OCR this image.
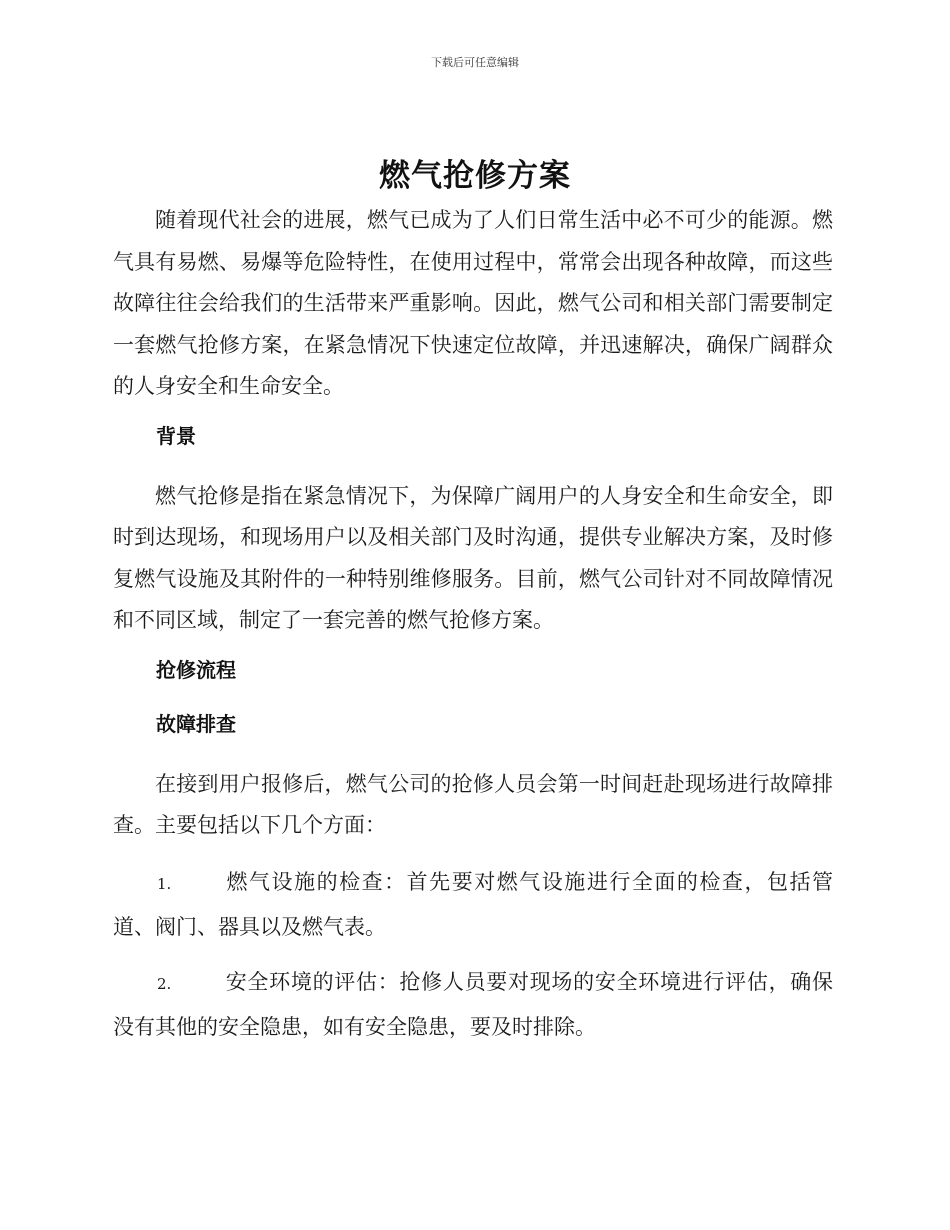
下载后可任意编辑
燃气抢修方案

随着现代社会的进展，燃气已成为了人们日常生活中必不可少的能源。燃气具有易燃、易爆等危险特性，在使用过程中，常常会出现各种故障，而这些故障往往会给我们的生活带来严重影响。因此，燃气公司和相关部门需要制定一套燃气抢修方案，在紧急情况下快速定位故障，并迅速解决，确保广阔群众的人身安全和生命安全。

背景

燃气抢修是指在紧急情况下，为保障广阔用户的人身安全和生命安全，即时到达现场，和现场用户以及相关部门及时沟通，提供专业解决方案，及时修复燃气设施及其附件的一种特别维修服务。目前，燃气公司针对不同故障情况和不同区域，制定了一套完善的燃气抢修方案。

抢修流程
故障排查

在接到用户报修后，燃气公司的抢修人员会第一时间赶赴现场进行故障排查。主要包括以下几个方面：

1.	燃气设施的检查：首先要对燃气设施进行全面的检查，包括管道、阀门、器具以及燃气表。
2.	安全环境的评估：抢修人员要对现场的安全环境进行评估，确保没有其他的安全隐患，如有安全隐患，要及时排除。
